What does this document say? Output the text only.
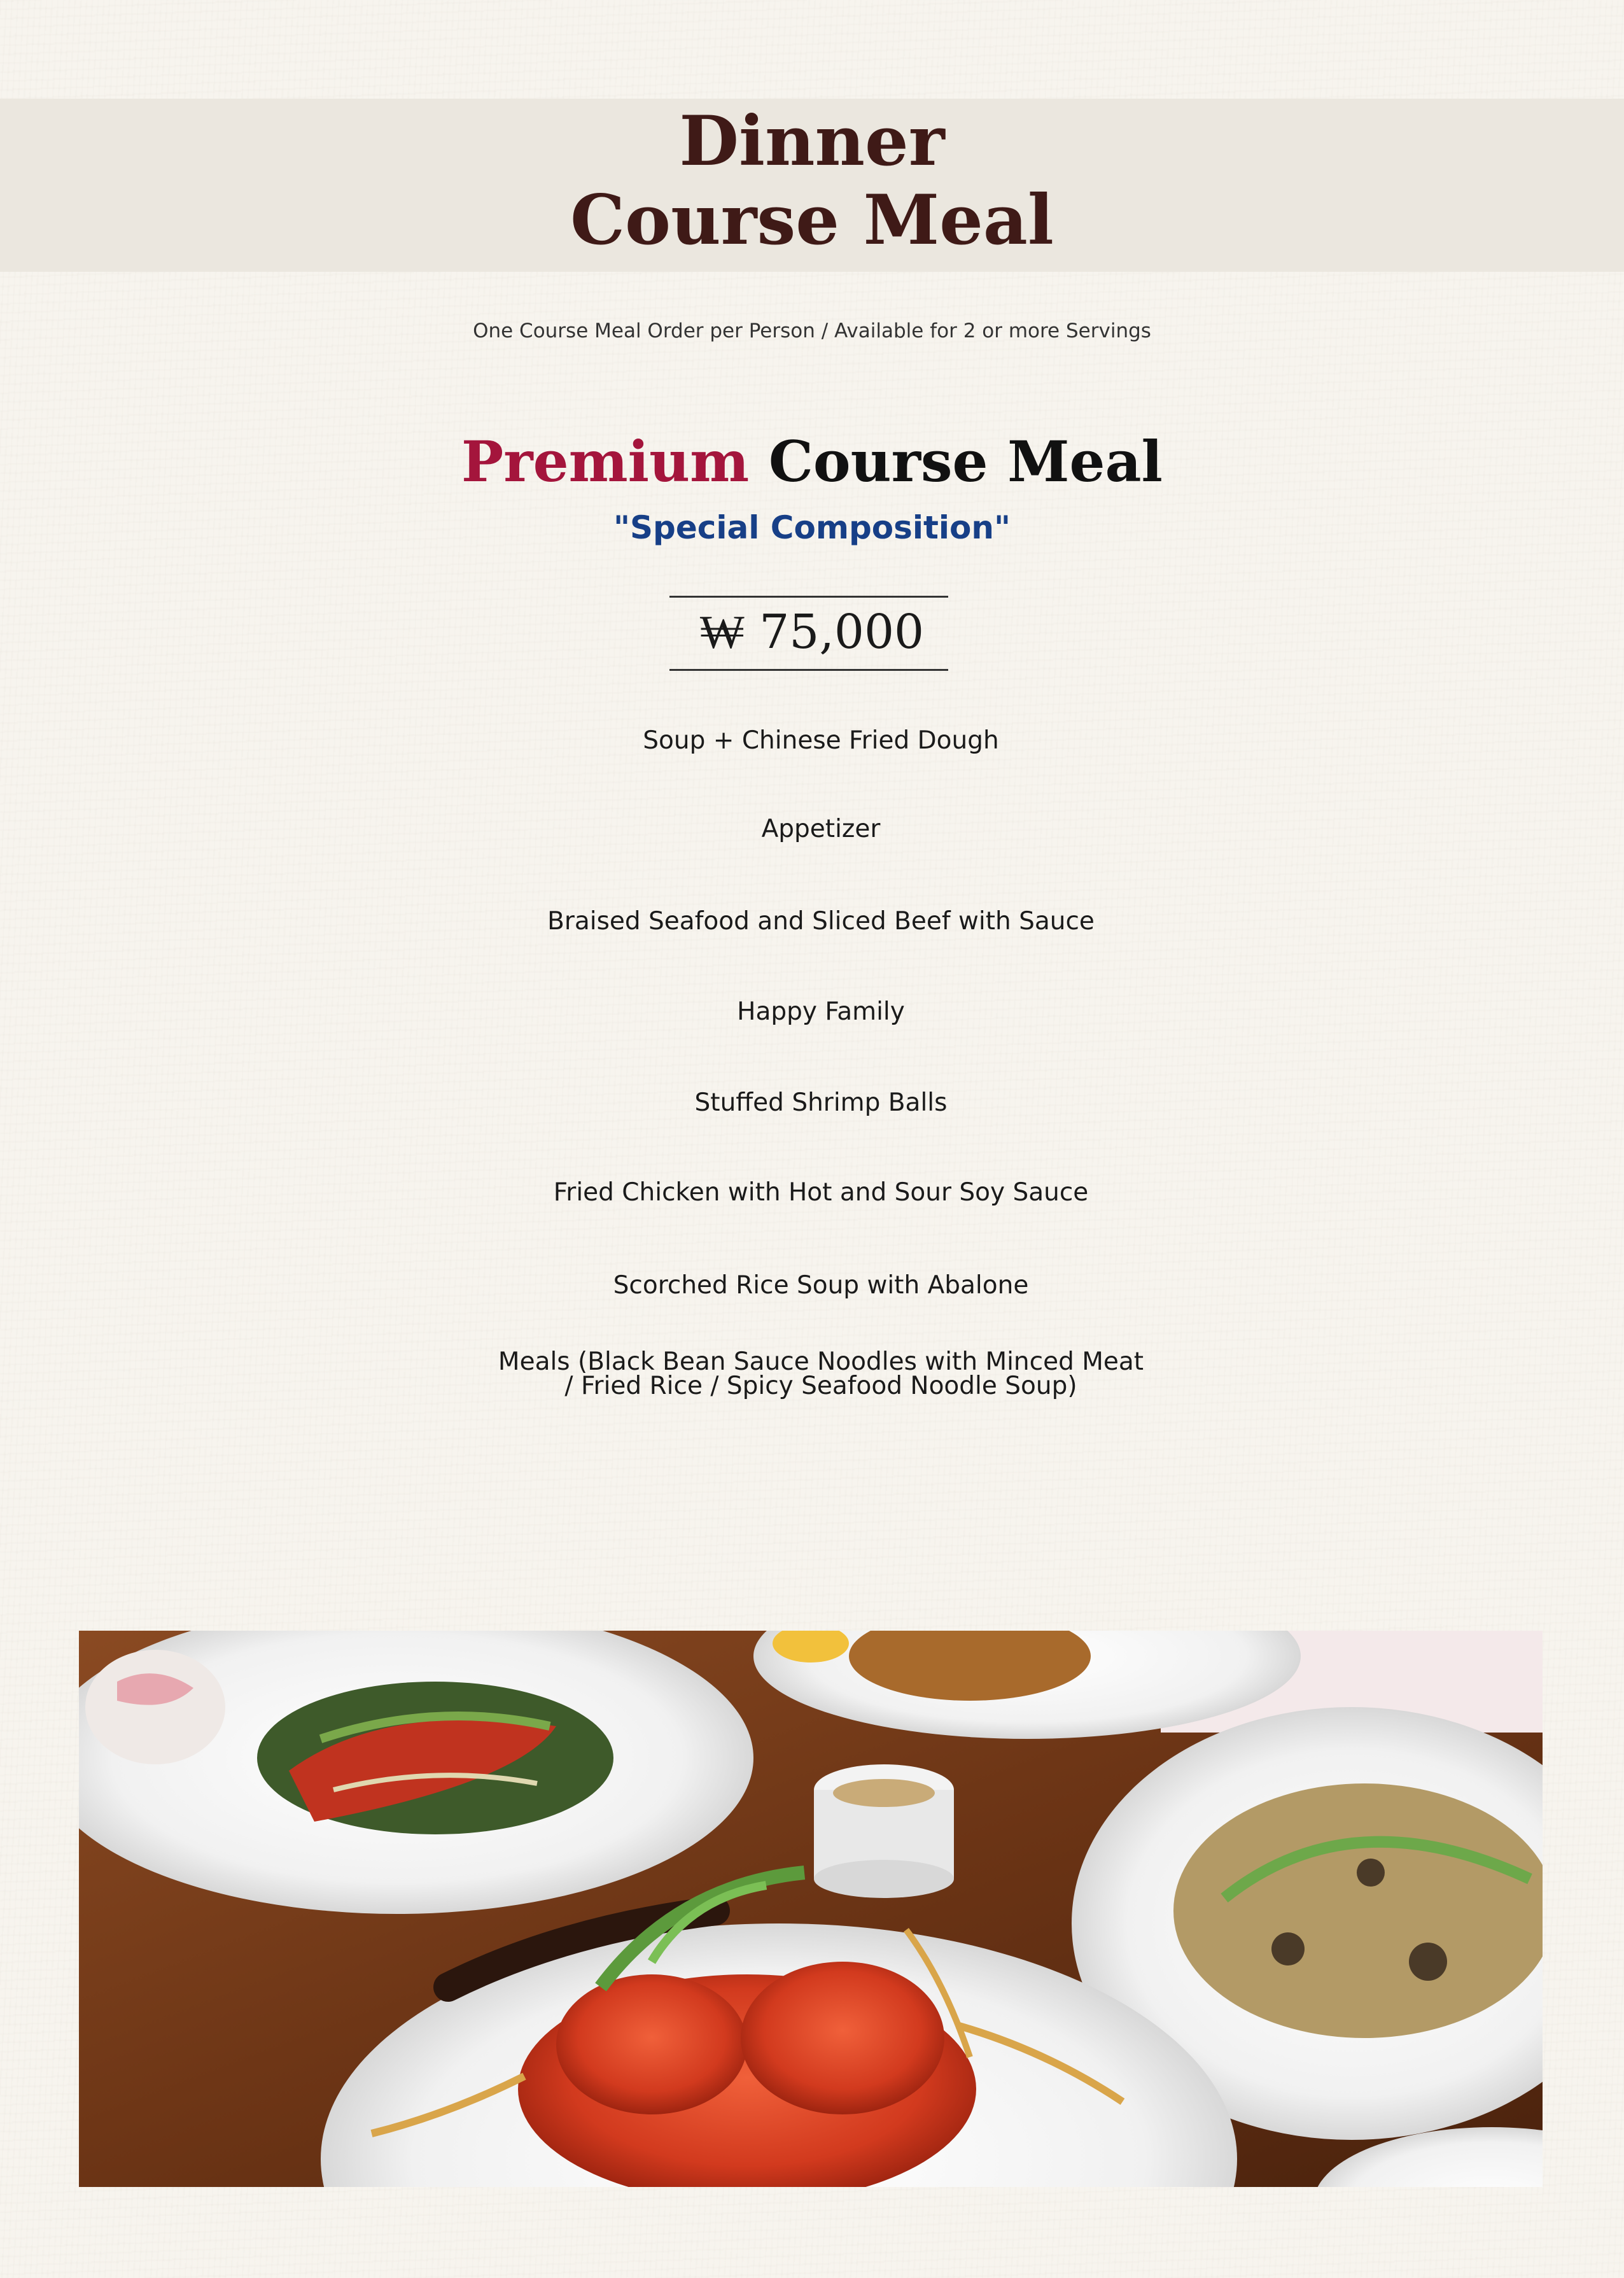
Dinner Course Meal
One Course Meal Order per Person / Available for 2 or more Servings
Premium Course Meal
"Special Composition"
₩ 75,000
Soup + Chinese Fried Dough
Appetizer
Braised Seafood and Sliced Beef with Sauce
Happy Family
Stuffed Shrimp Balls
Fried Chicken with Hot and Sour Soy Sauce
Scorched Rice Soup with Abalone
Meals (Black Bean Sauce Noodles with Minced Meat
/ Fried Rice / Spicy Seafood Noodle Soup)
